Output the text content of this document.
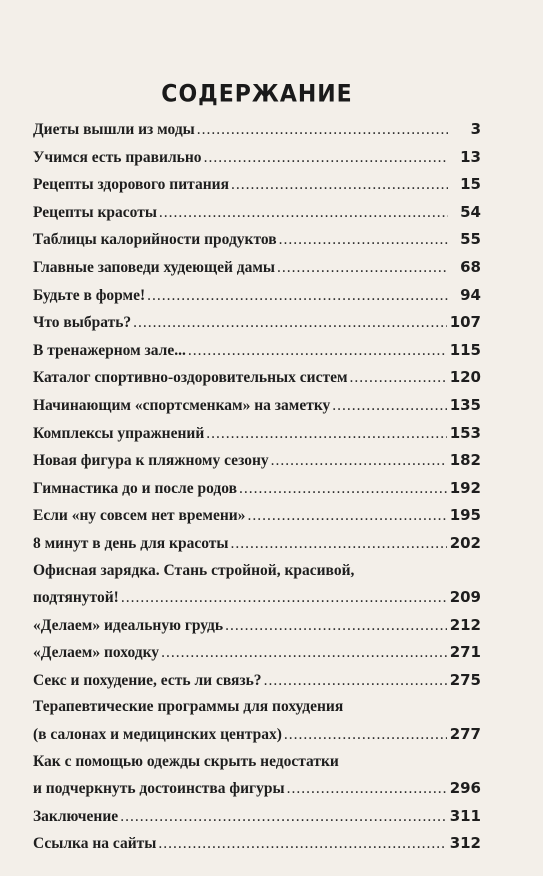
СОДЕРЖАНИЕ
Диеты вышли из моды .....	3
Учимся есть правильно .....	13
Рецепты здорового питания .....	15
Рецепты красоты .....	54
Таблицы калорийности продуктов .....	55
Главные заповеди худеющей дамы .....	68
Будьте в форме! .....	94
Что выбрать? .....	107
В тренажерном зале... .....	115
Каталог спортивно-оздоровительных систем .....	120
Начинающим «спортсменкам» на заметку .....	135
Комплексы упражнений .....	153
Новая фигура к пляжному сезону .....	182
Гимнастика до и после родов .....	192
Если «ну совсем нет времени» .....	195
8 минут в день для красоты .....	202
Офисная зарядка. Стань стройной, красивой,
подтянутой! .....	209
«Делаем» идеальную грудь .....	212
«Делаем» походку .....	271
Секс и похудение, есть ли связь? .....	275
Терапевтические программы для похудения
(в салонах и медицинских центрах) .....	277
Как с помощью одежды скрыть недостатки
и подчеркнуть достоинства фигуры .....	296
Заключение .....	311
Ссылка на сайты .....	312
